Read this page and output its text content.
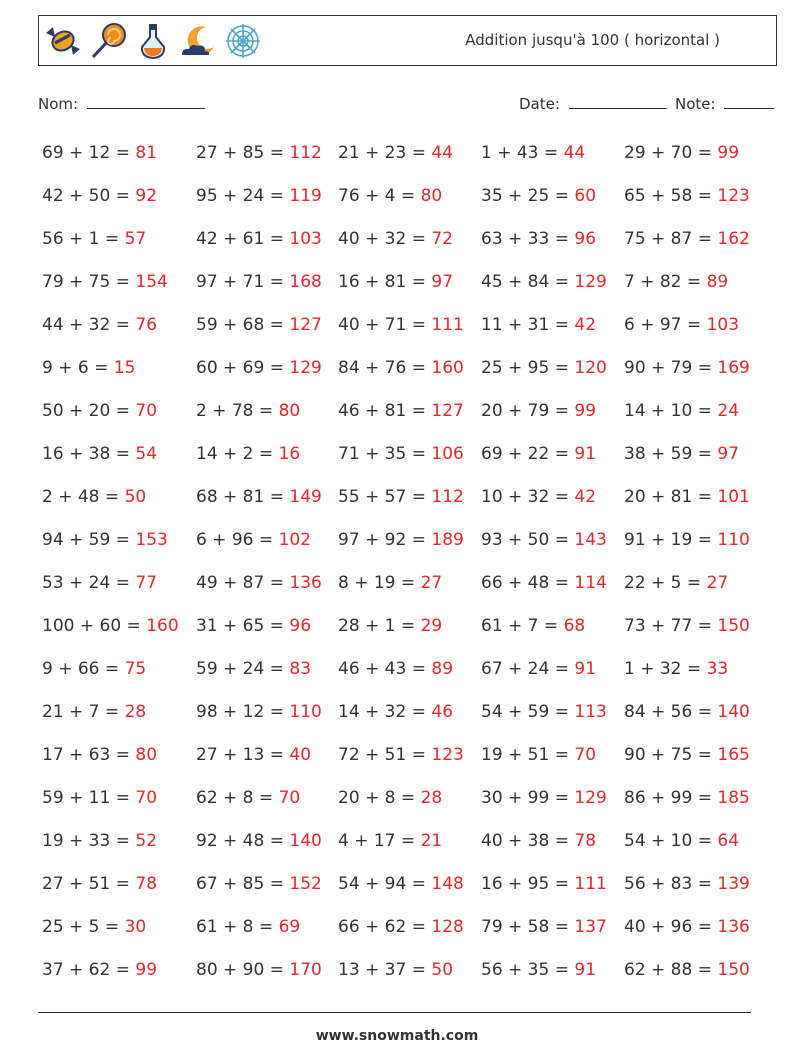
Addition jusqu'à 100 ( horizontal )
Nom:	Date:	Note:
69 + 12 = 81 27 + 85 = 112 21 + 23 = 44 1 + 43 = 44 29 + 70 = 99
42 + 50 = 92 95 + 24 = 119 76 + 4 = 80 35 + 25 = 60 65 + 58 = 123
56 + 1 = 57	42 + 61 = 103 40 + 32 = 72 63 + 33 = 96 75 + 87 = 162
79 + 75 = 154 97 + 71 = 168 16 + 81 = 97 45 + 84 = 129 7 + 82 = 89
44 + 32 = 76 59 + 68 = 127 40 + 71 = 111 11 + 31 = 42 6 + 97 = 103
9 + 6 = 15	60 + 69 = 129 84 + 76 = 160 25 + 95 = 120 90 + 79 = 169
50 + 20 = 70 2 + 78 = 80 46 + 81 = 127 20 + 79 = 99 14 + 10 = 24
16 + 38 = 54 14 + 2 = 16 71 + 35 = 106 69 + 22 = 91 38 + 59 = 97
2 + 48 = 50	68 + 81 = 149 55 + 57 = 112 10 + 32 = 42 20 + 81 = 101
94 + 59 = 153 6 + 96 = 102 97 + 92 = 189 93 + 50 = 143 91 + 19 = 110
53 + 24 = 77 49 + 87 = 136 8 + 19 = 27 66 + 48 = 114 22 + 5 = 27
100 + 60 = 160 31 + 65 = 96 28 + 1 = 29 61 + 7 = 68 73 + 77 = 150
9 + 66 = 75	59 + 24 = 83 46 + 43 = 89 67 + 24 = 91 1 + 32 = 33
21 + 7 = 28	98 + 12 = 110 14 + 32 = 46 54 + 59 = 113 84 + 56 = 140
17 + 63 = 80 27 + 13 = 40 72 + 51 = 123 19 + 51 = 70 90 + 75 = 165
59 + 11 = 70 62 + 8 = 70 20 + 8 = 28 30 + 99 = 129 86 + 99 = 185
19 + 33 = 52 92 + 48 = 140 4 + 17 = 21 40 + 38 = 78 54 + 10 = 64
27 + 51 = 78 67 + 85 = 152 54 + 94 = 148 16 + 95 = 111 56 + 83 = 139
25 + 5 = 30	61 + 8 = 69 66 + 62 = 128 79 + 58 = 137 40 + 96 = 136
37 + 62 = 99 80 + 90 = 170 13 + 37 = 50 56 + 35 = 91 62 + 88 = 150
www.snowmath.com
